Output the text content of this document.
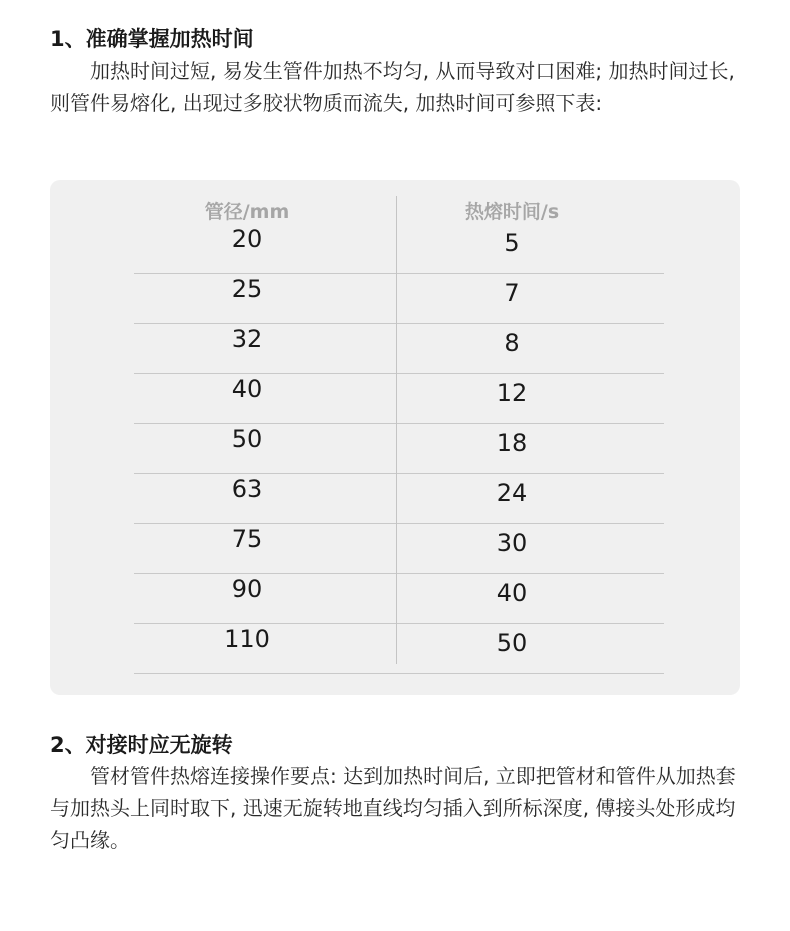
1、准确掌握加热时间

加热时间过短, 易发生管件加热不均匀, 从而导致对口困难; 加热时间过长, 则管件易熔化, 出现过多胶状物质而流失, 加热时间可参照下表:

管径/mm	热熔时间/s
20	5
25	7
32	8
40	12
50	18
63	24
75	30
90	40
110	50
2、对接时应无旋转

管材管件热熔连接操作要点: 达到加热时间后, 立即把管材和管件从加热套与加热头上同时取下, 迅速无旋转地直线均匀插入到所标深度, 傅接头处形成均匀凸缘。
